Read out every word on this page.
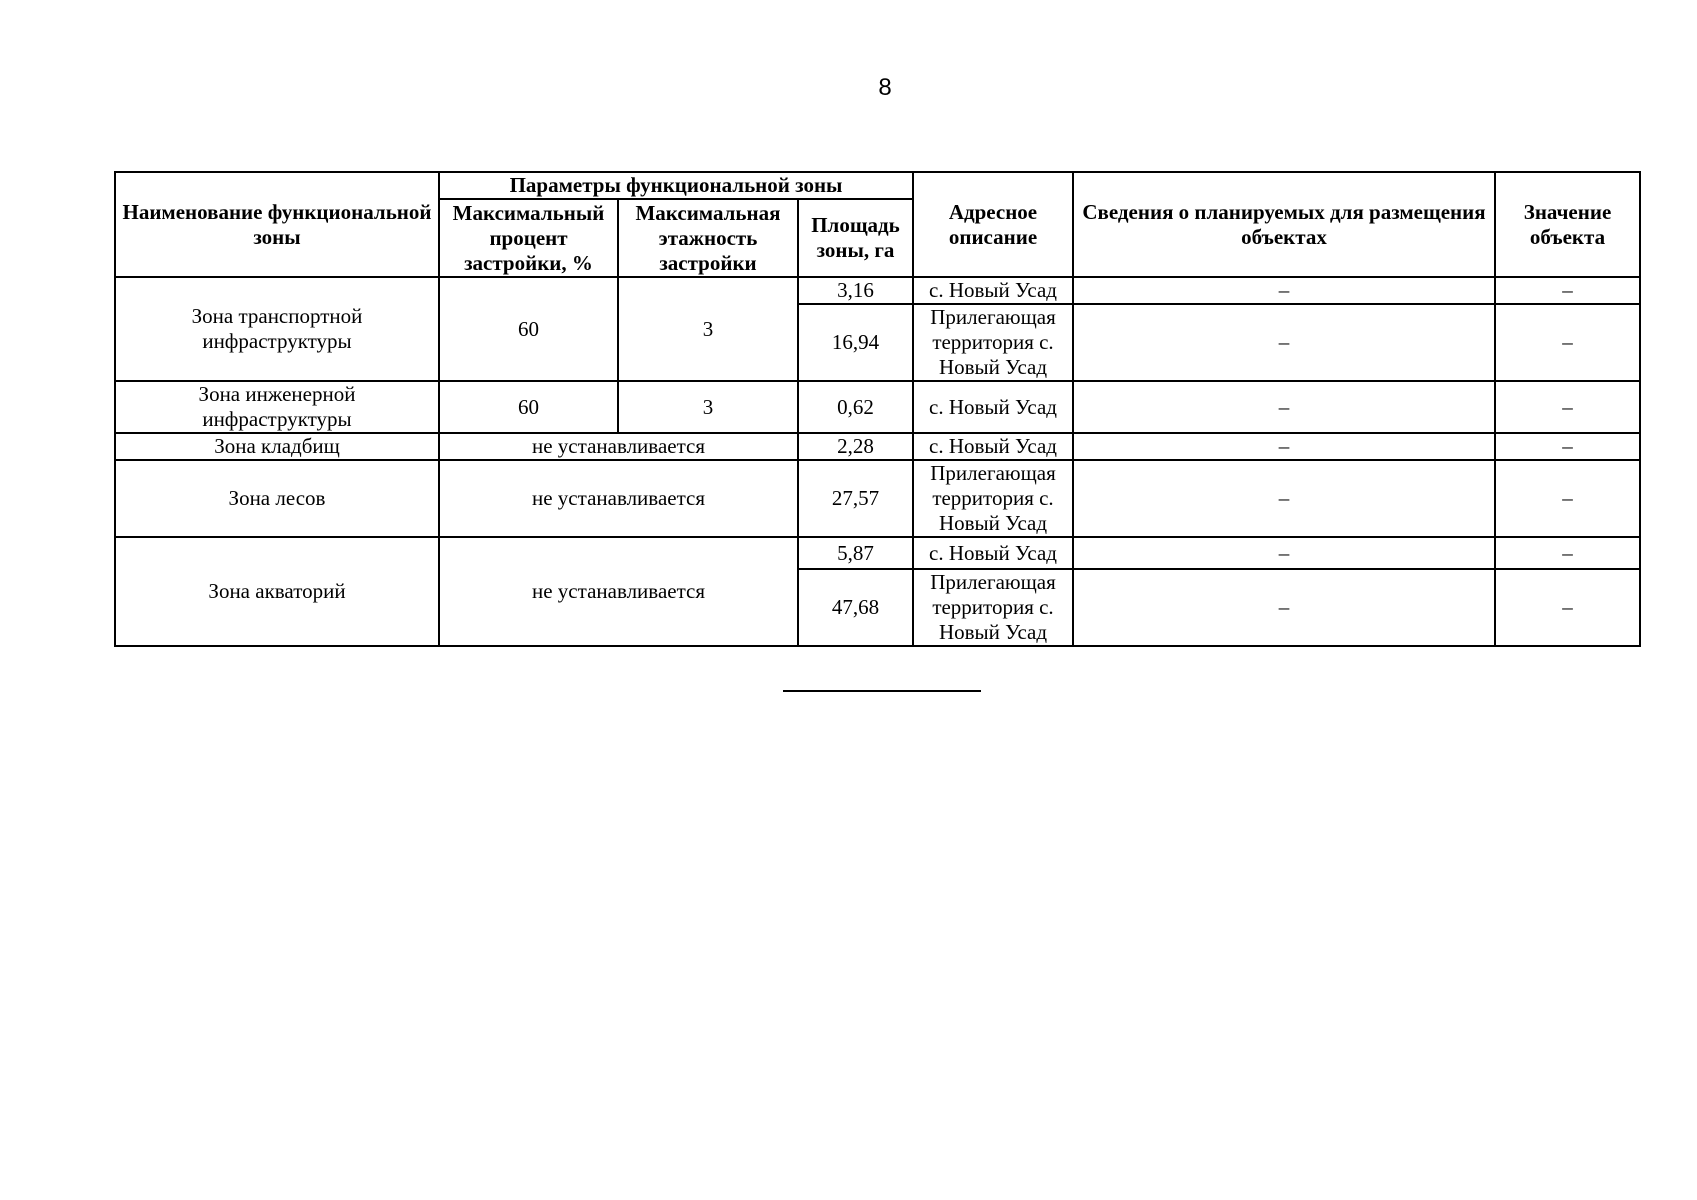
8
Наименование функциональной зоны	Параметры функциональной зоны			Адресное описание	Сведения о планируемых для размещения объектах	Значение объекта
	Максимальный процент застройки, %	Максимальная этажность застройки	Площадь зоны, га			
Зона транспортной инфраструктуры	60	3	3,16	с. Новый Усад	–	–
			16,94	Прилегающая территория с. Новый Усад	–	–
Зона инженерной инфраструктуры	60	3	0,62	с. Новый Усад	–	–
Зона кладбищ	не устанавливается		2,28	с. Новый Усад	–	–
Зона лесов	не устанавливается		27,57	Прилегающая территория с. Новый Усад	–	–
Зона акваторий	не устанавливается		5,87	с. Новый Усад	–	–
			47,68	Прилегающая территория с. Новый Усад	–	–
